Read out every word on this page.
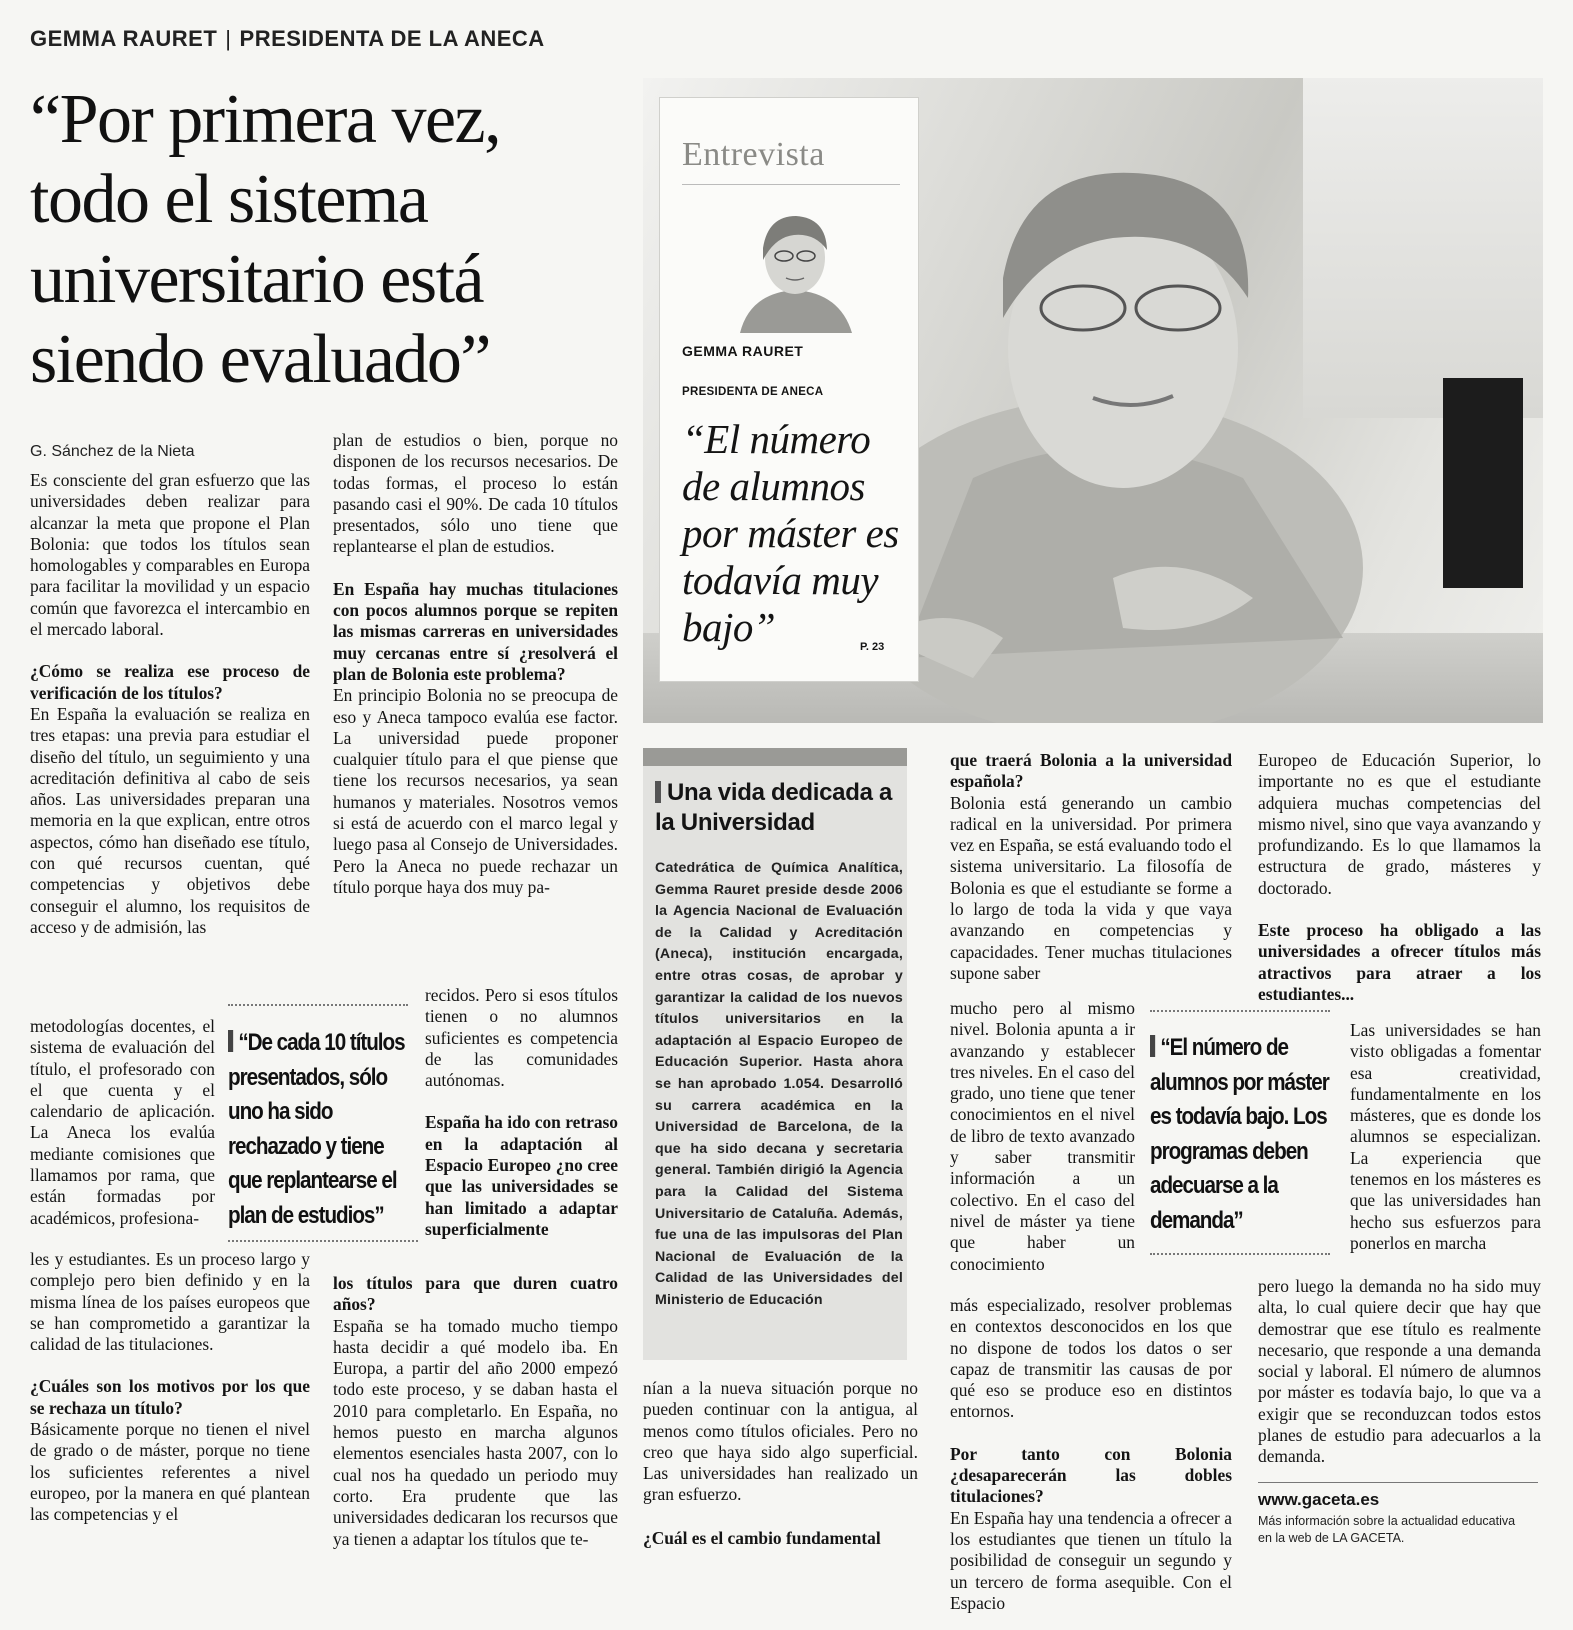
GEMMA RAURET | PRESIDENTA DE LA ANECA
“Por primera vez,
todo el sistema
universitario está
siendo evaluado”
G. Sánchez de la Nieta

Es consciente del gran esfuerzo que las universidades deben realizar para alcanzar la meta que propone el Plan Bolonia: que todos los títulos sean homologables y comparables en Europa para facilitar la movilidad y un espacio común que favorezca el intercambio en el mercado laboral.

¿Cómo se realiza ese proceso de verificación de los títulos?

En España la evaluación se realiza en tres etapas: una previa para estudiar el diseño del título, un seguimiento y una acreditación definitiva al cabo de seis años. Las universidades preparan una memoria en la que explican, entre otros aspectos, cómo han diseñado ese título, con qué recursos cuentan, qué competencias y objetivos debe conseguir el alumno, los requisitos de acceso y de admisión, las

metodologías docentes, el sistema de evaluación del título, el profesorado con el que cuenta y el calendario de aplicación. La Aneca los evalúa mediante comisiones que llamamos por rama, que están formadas por académicos, profesiona-

les y estudiantes. Es un proceso largo y complejo pero bien definido y en la misma línea de los países europeos que se han comprometido a garantizar la calidad de las titulaciones.

¿Cuáles son los motivos por los que se rechaza un título?

Básicamente porque no tienen el nivel de grado o de máster, porque no tiene los suficientes referentes a nivel europeo, por la manera en qué plantean las competencias y el

plan de estudios o bien, porque no disponen de los recursos necesarios. De todas formas, el proceso lo están pasando casi el 90%. De cada 10 títulos presentados, sólo uno tiene que replantearse el plan de estudios.

En España hay muchas titulaciones con pocos alumnos porque se repiten las mismas carreras en universidades muy cercanas entre sí ¿resolverá el plan de Bolonia este problema?

En principio Bolonia no se preocupa de eso y Aneca tampoco evalúa ese factor. La universidad puede proponer cualquier título para el que piense que tiene los recursos necesarios, ya sean humanos y materiales. Nosotros vemos si está de acuerdo con el marco legal y luego pasa al Consejo de Universidades. Pero la Aneca no puede rechazar un título porque haya dos muy pa-

recidos. Pero si esos títulos tienen o no alumnos suficientes es competencia de las comunidades autónomas.

España ha ido con retraso en la adaptación al Espacio Europeo ¿no cree que las universidades se han limitado a adaptar superficialmente

los títulos para que duren cuatro años?

España se ha tomado mucho tiempo hasta decidir a qué modelo iba. En Europa, a partir del año 2000 empezó todo este proceso, y se daban hasta el 2010 para completarlo. En España, no hemos puesto en marcha algunos elementos esenciales hasta 2007, con lo cual nos ha quedado un periodo muy corto. Era prudente que las universidades dedicaran los recursos que ya tienen a adaptar los títulos que te-

“De cada 10 títulos presentados, sólo uno ha sido rechazado y tiene que replantearse el plan de estudios”
Entrevista
GEMMA RAURET
PRESIDENTA DE ANECA
“El número de alumnos por máster es todavía muy bajo”	P. 23
Una vida dedicada a la Universidad
Catedrática de Química Analítica, Gemma Rauret preside desde 2006 la Agencia Nacional de Evaluación de la Calidad y Acreditación (Aneca), institución encargada, entre otras cosas, de aprobar y garantizar la calidad de los nuevos títulos universitarios en la adaptación al Espacio Europeo de Educación Superior. Hasta ahora se han aprobado 1.054. Desarrolló su carrera académica en la Universidad de Barcelona, de la que ha sido decana y secretaria general. También dirigió la Agencia para la Calidad del Sistema Universitario de Cataluña. Además, fue una de las impulsoras del Plan Nacional de Evaluación de la Calidad de las Universidades del Ministerio de Educación

nían a la nueva situación porque no pueden continuar con la antigua, al menos como títulos oficiales. Pero no creo que haya sido algo superficial. Las universidades han realizado un gran esfuerzo.

¿Cuál es el cambio fundamental

que traerá Bolonia a la universidad española?

Bolonia está generando un cambio radical en la universidad. Por primera vez en España, se está evaluando todo el sistema universitario. La filosofía de Bolonia es que el estudiante se forme a lo largo de toda la vida y que vaya avanzando en competencias y capacidades. Tener muchas titulaciones supone saber

mucho pero al mismo nivel. Bolonia apunta a ir avanzando y establecer tres niveles. En el caso del grado, uno tiene que tener conocimientos en el nivel de libro de texto avanzado y saber transmitir información a un colectivo. En el caso del nivel de máster ya tiene que haber un conocimiento

más especializado, resolver problemas en contextos desconocidos en los que no dispone de todos los datos o ser capaz de transmitir las causas de por qué eso se produce eso en distintos entornos.

Por tanto con Bolonia ¿desaparecerán las dobles titulaciones?

En España hay una tendencia a ofrecer a los estudiantes que tienen un título la posibilidad de conseguir un segundo y un tercero de forma asequible. Con el Espacio

“El número de alumnos por máster es todavía bajo. Los programas deben adecuarse a la demanda”

Europeo de Educación Superior, lo importante no es que el estudiante adquiera muchas competencias del mismo nivel, sino que vaya avanzando y profundizando. Es lo que llamamos la estructura de grado, másteres y doctorado.

Este proceso ha obligado a las universidades a ofrecer títulos más atractivos para atraer a los estudiantes...

Las universidades se han visto obligadas a fomentar esa creatividad, fundamentalmente en los másteres, que es donde los alumnos se especializan. La experiencia que tenemos en los másteres es que las universidades han hecho sus esfuerzos para ponerlos en marcha

pero luego la demanda no ha sido muy alta, lo cual quiere decir que hay que demostrar que ese título es realmente necesario, que responde a una demanda social y laboral. El número de alumnos por máster es todavía bajo, lo que va a exigir que se reconduzcan todos estos planes de estudio para adecuarlos a la demanda.

www.gaceta.es
Más información sobre la actualidad educativa en la web de LA GACETA.
